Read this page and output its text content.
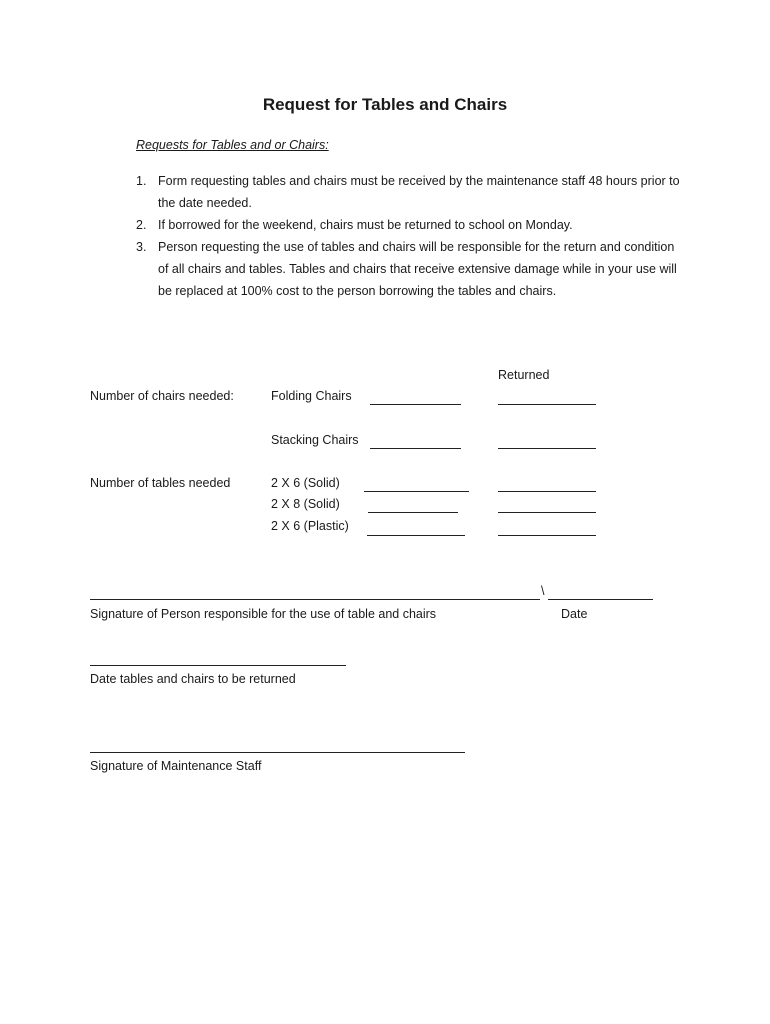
Request for Tables and Chairs
Requests for Tables and or Chairs:
1. Form requesting tables and chairs must be received by the maintenance staff 48 hours prior to the date needed.
2. If borrowed for the weekend, chairs must be returned to school on Monday.
3. Person requesting the use of tables and chairs will be responsible for the return and condition of all chairs and tables. Tables and chairs that receive extensive damage while in your use will be replaced at 100% cost to the person borrowing the tables and chairs.
Returned
Number of chairs needed:	Folding Chairs
Stacking Chairs
Number of tables needed	2 X 6 (Solid)
2 X 8 (Solid)
2 X 6 (Plastic)
\
Signature of Person responsible for the use of table and chairs	Date
Date tables and chairs to be returned
Signature of Maintenance Staff
